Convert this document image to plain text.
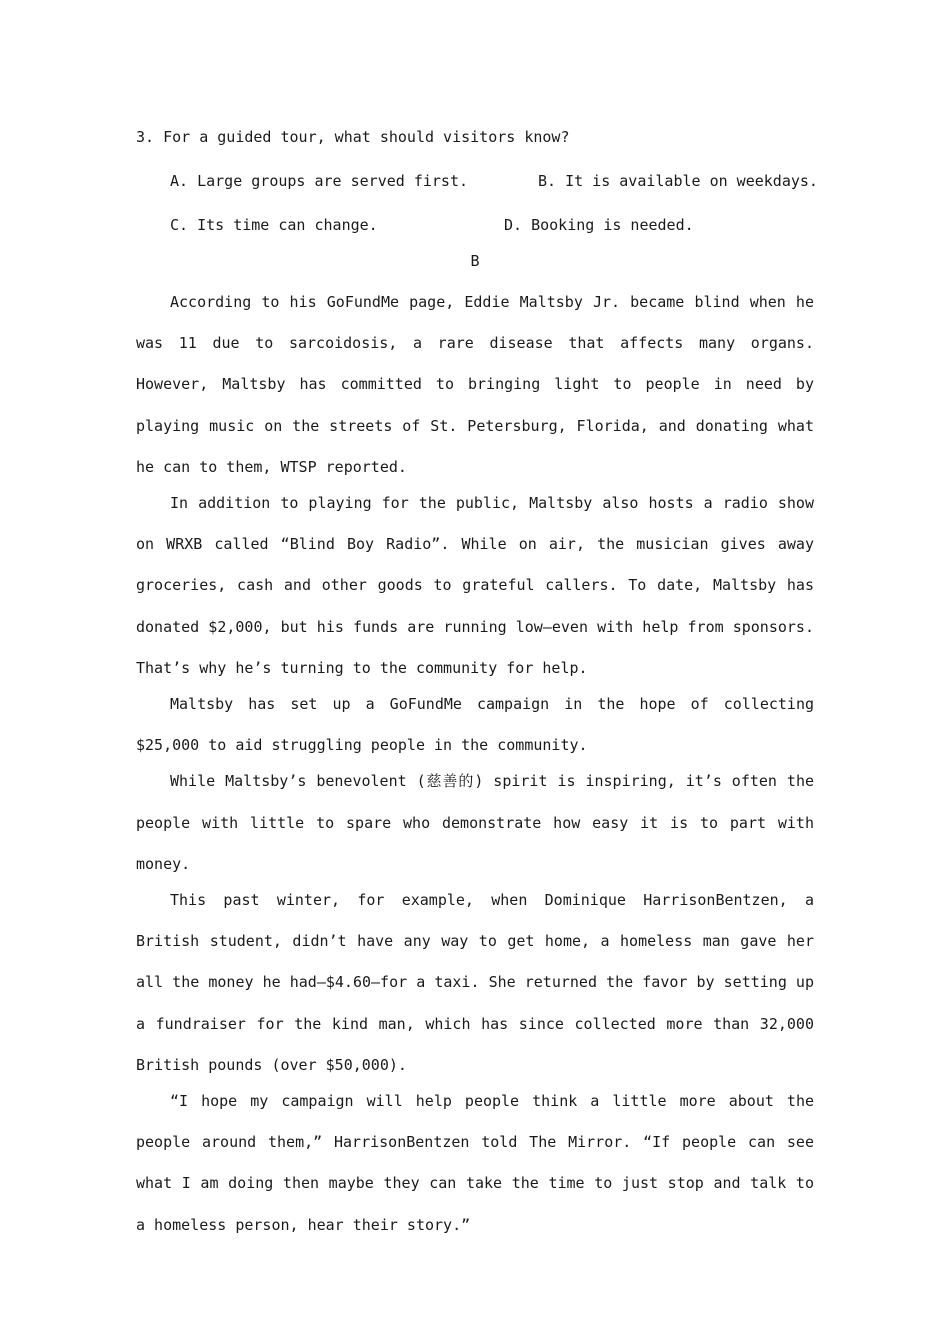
3. For a guided tour, what should visitors know?
A. Large groups are served first.	B. It is available on weekdays.
C. Its time can change.	D. Booking is needed.
B

According to his GoFundMe page, Eddie Maltsby Jr. became blind when he was 11 due to sarcoidosis, a rare disease that affects many organs. However, Maltsby has committed to bringing light to people in need by playing music on the streets of St. Petersburg, Florida, and donating what he can to them, WTSP reported.

In addition to playing for the public, Maltsby also hosts a radio show on WRXB called “Blind Boy Radio”. While on air, the musician gives away groceries, cash and other goods to grateful callers. To date, Maltsby has donated $2,000, but his funds are running low—even with help from sponsors. That’s why he’s turning to the community for help.

Maltsby has set up a GoFundMe campaign in the hope of collecting $25,000 to aid struggling people in the community.

While Maltsby’s benevolent (慈善的) spirit is inspiring, it’s often the people with little to spare who demonstrate how easy it is to part with money.

This past winter, for example, when Dominique HarrisonBentzen, a British student, didn’t have any way to get home, a homeless man gave her all the money he had—$4.60—for a taxi. She returned the favor by setting up a fundraiser for the kind man, which has since collected more than 32,000 British pounds (over $50,000).

“I hope my campaign will help people think a little more about the people around them,” HarrisonBentzen told The Mirror. “If people can see what I am doing then maybe they can take the time to just stop and talk to a homeless person, hear their story.”
